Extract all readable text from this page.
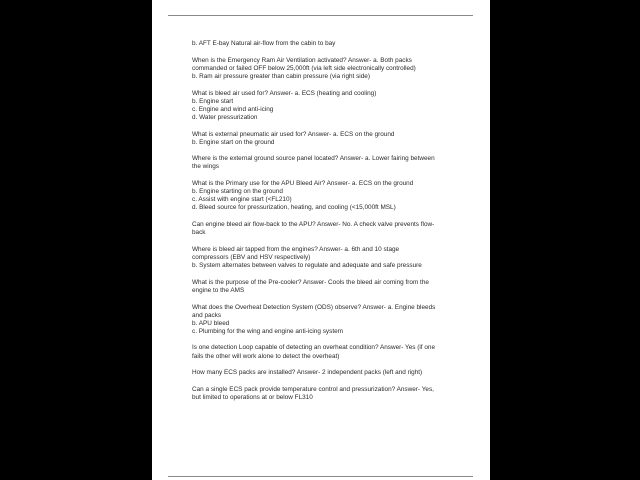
b. AFT E-bay Natural air-flow from the cabin to bay
When is the Emergency Ram Air Ventilation activated? Answer- a. Both packs
commanded or failed OFF below 25,000ft (via left side electronically controlled)
b. Ram air pressure greater than cabin pressure (via right side)
What is bleed air used for? Answer- a. ECS (heating and cooling)
b. Engine start
c. Engine and wind anti-icing
d. Water pressurization
What is external pneumatic air used for? Answer- a. ECS on the ground
b. Engine start on the ground
Where is the external ground source panel located? Answer- a. Lower fairing between
the wings
What is the Primary use for the APU Bleed Air? Answer- a. ECS on the ground
b. Engine starting on the ground
c. Assist with engine start (<FL210)
d. Bleed source for pressurization, heating, and cooling (<15,000ft MSL)
Can engine bleed air flow-back to the APU? Answer- No. A check valve prevents flow-
back
Where is bleed air tapped from the engines? Answer- a. 6th and 10 stage
compressors (EBV and HSV respectively)
b. System alternates between valves to regulate and adequate and safe pressure
What is the purpose of the Pre-cooler? Answer- Cools the bleed air coming from the
engine to the AMS
What does the Overheat Detection System (ODS) observe? Answer- a. Engine bleeds
and packs
b. APU bleed
c. Plumbing for the wing and engine anti-icing system
Is one detection Loop capable of detecting an overheat condition? Answer- Yes (if one
fails the other will work alone to detect the overheat)
How many ECS packs are installed? Answer- 2 independent packs (left and right)
Can a single ECS pack provide temperature control and pressurization? Answer- Yes,
but limited to operations at or below FL310
